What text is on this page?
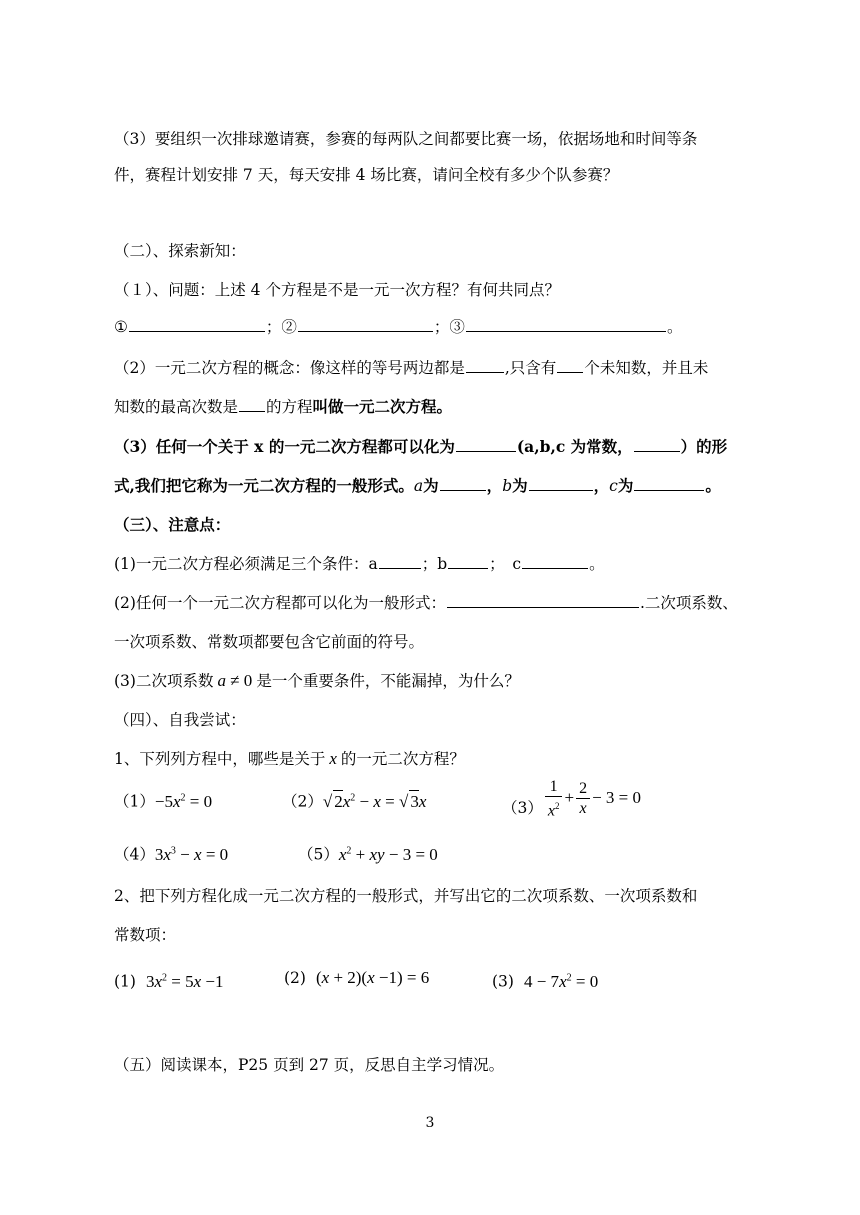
（3）要组织一次排球邀请赛，参赛的每两队之间都要比赛一场，依据场地和时间等条
件，赛程计划安排 7 天，每天安排 4 场比赛，请问全校有多少个队参赛？
（二）、探索新知：
（１）、问题：上述 4 个方程是不是一元一次方程？有何共同点？
①	；②	；③	。
（2）一元二次方程的概念：像这样的等号两边都是	,只含有 个未知数，并且未
知数的最高次数是 的方程叫做一元二次方程。
（3）任何一个关于 x 的一元二次方程都可以化为	(a,b,c 为常数，	）的形
式,我们把它称为一元二次方程的一般形式。a为	，b为	，c为	。
（三）、注意点：
(1)一元二次方程必须满足三个条件：a	；b	；　c	。
(2)任何一个一元二次方程都可以化为一般形式：	.二次项系数、
一次项系数、常数项都要包含它前面的符号。
(3)二次项系数 a ≠ 0 是一个重要条件，不能漏掉，为什么？
（四）、自我尝试：
1、下列列方程中，哪些是关于 x 的一元二次方程？
$(1)-5x^2 = 0$	（2）√ $2x^2 - x$ = √ 3x	$(3) \frac{1}{x^2} + \frac{2}{x} - 3 = 0$
$(4)3x^3 - x = 0$	$(5)x^2$ + xy − 3 = 0
2、把下列方程化成一元二次方程的一般形式，并写出它的二次项系数、一次项系数和
常数项：
(1) $3x^2 = 5x -1$	(2) (x + 2)(x −1) = 6	(3) $4 - 7x^2 = 0$
（五）阅读课本，P25 页到 27 页，反思自主学习情况。
3
